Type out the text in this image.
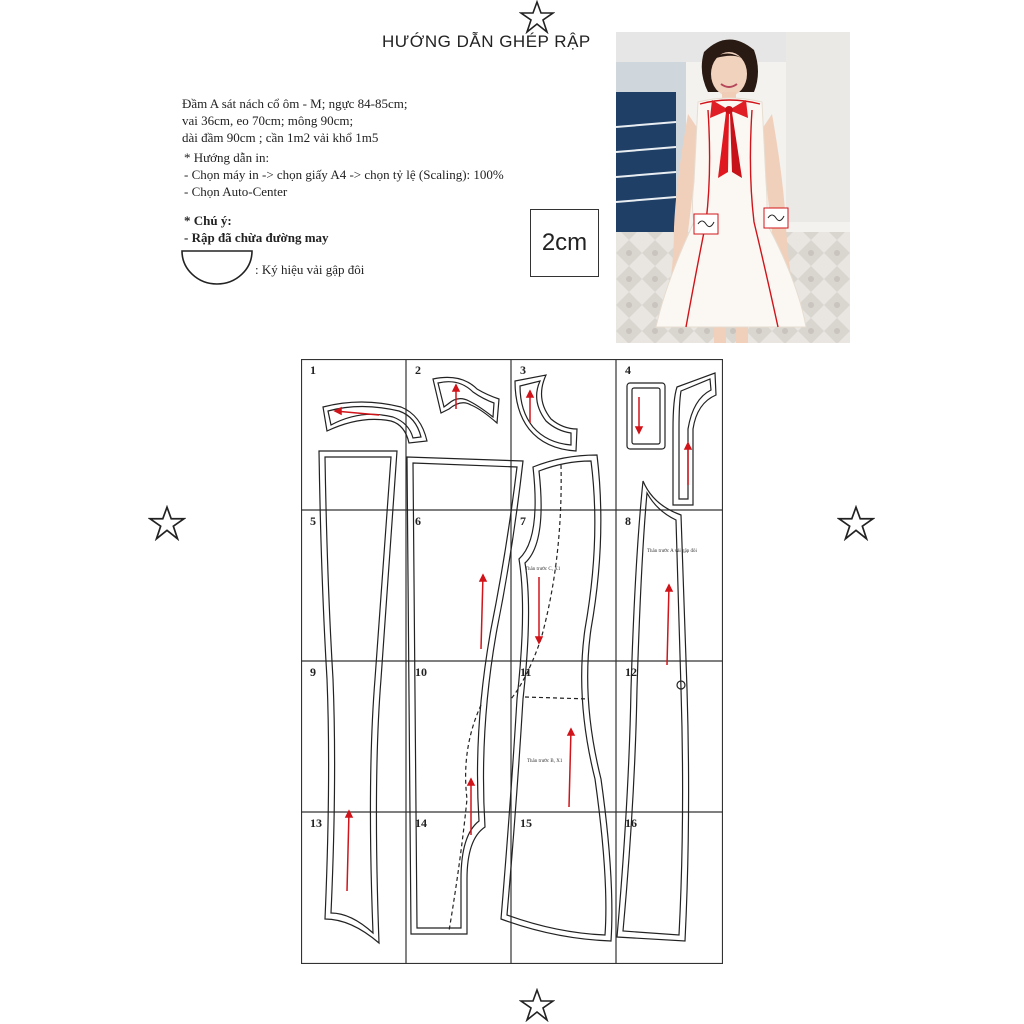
HƯỚNG DẪN GHÉP RẬP
Đầm A sát nách cổ ôm - M; ngực 84-85cm;
vai 36cm, eo 70cm; mông 90cm;
dài đầm 90cm ; cần 1m2 vải khổ 1m5
* Hướng dẫn in:
- Chọn máy in -> chọn giấy A4 -> chọn tỷ lệ (Scaling): 100%
- Chọn Auto-Center
* Chú ý:
- Rập đã chừa đường may
: Ký hiệu vải gập đôi
2cm
1	2	3	4
5	6	7	8
9	10	11	12
13	14	15	16
Thân trước C, X1
Thân trước A vải gập đôi
Thân trước B, X1
